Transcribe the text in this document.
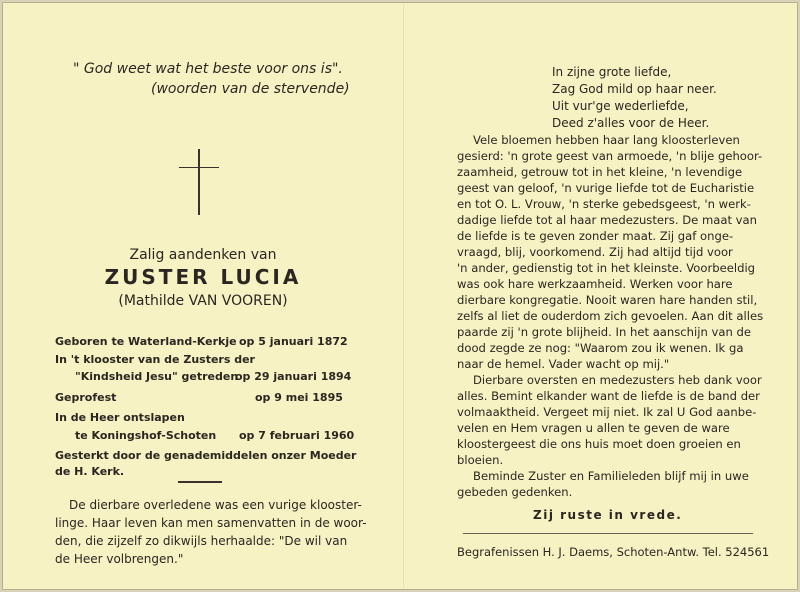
" God weet wat het beste voor ons is".
(woorden van de stervende)
Zalig aandenken van
ZUSTER LUCIA
(Mathilde VAN VOOREN)
Geboren te Waterland-Kerkje op 5 januari 1872
In 't klooster van de Zusters der
"Kindsheid Jesu" getreden
op 29 januari 1894
Geprofest	op 9 mei 1895
In de Heer ontslapen
te Koningshof-Schoten op 7 februari 1960
Gesterkt door de genademiddelen onzer Moeder
de H. Kerk.
De dierbare overledene was een vurige klooster-
linge. Haar leven kan men samenvatten in de woor-
den, die zijzelf zo dikwijls herhaalde: "De wil van
de Heer volbrengen."
In zijne grote liefde,
Zag God mild op haar neer.
Uit vur'ge wederliefde,
Deed z'alles voor de Heer.
Vele bloemen hebben haar lang kloosterleven
gesierd: 'n grote geest van armoede, 'n blije gehoor-
zaamheid, getrouw tot in het kleine, 'n levendige
geest van geloof, 'n vurige liefde tot de Eucharistie
en tot O. L. Vrouw, 'n sterke gebedsgeest, 'n werk-
dadige liefde tot al haar medezusters. De maat van
de liefde is te geven zonder maat. Zij gaf onge-
vraagd, blij, voorkomend. Zij had altijd tijd voor
'n ander, gedienstig tot in het kleinste. Voorbeeldig
was ook hare werkzaamheid. Werken voor hare
dierbare kongregatie. Nooit waren hare handen stil,
zelfs al liet de ouderdom zich gevoelen. Aan dit alles
paarde zij 'n grote blijheid. In het aanschijn van de
dood zegde ze nog: "Waarom zou ik wenen. Ik ga
naar de hemel. Vader wacht op mij."
Dierbare oversten en medezusters heb dank voor
alles. Bemint elkander want de liefde is de band der
volmaaktheid. Vergeet mij niet. Ik zal U God aanbe-
velen en Hem vragen u allen te geven de ware
kloostergeest die ons huis moet doen groeien en
bloeien.
Beminde Zuster en Familieleden blijf mij in uwe
gebeden gedenken.
Zij ruste in vrede.
Begrafenissen H. J. Daems, Schoten-Antw. Tel. 524561
